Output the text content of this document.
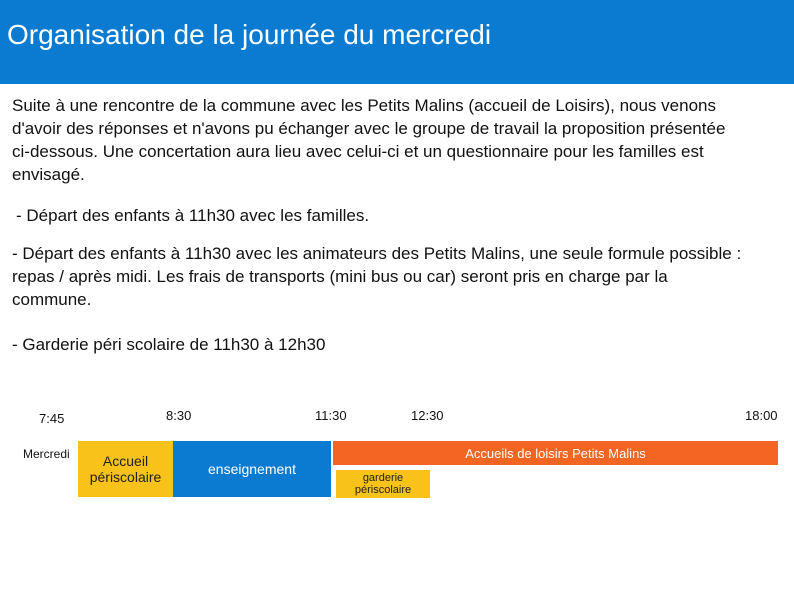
Organisation de la journée du mercredi
Suite à une rencontre de la commune avec les Petits Malins (accueil de Loisirs), nous venons d'avoir des réponses et n'avons pu échanger avec le groupe de travail la proposition présentée ci-dessous. Une concertation aura lieu avec celui-ci et un questionnaire pour les familles est envisagé.
- Départ des enfants à 11h30 avec les familles.
- Départ des enfants à 11h30 avec les animateurs des Petits Malins, une seule formule possible : repas / après midi. Les frais de transports (mini bus ou car) seront pris en charge par la commune.
- Garderie péri scolaire de 11h30 à 12h30
7:45	8:30	11:30	12:30	18:00
Mercredi	Accueil périscolaire	enseignement
Accueils de loisirs Petits Malins
garderie périscolaire
